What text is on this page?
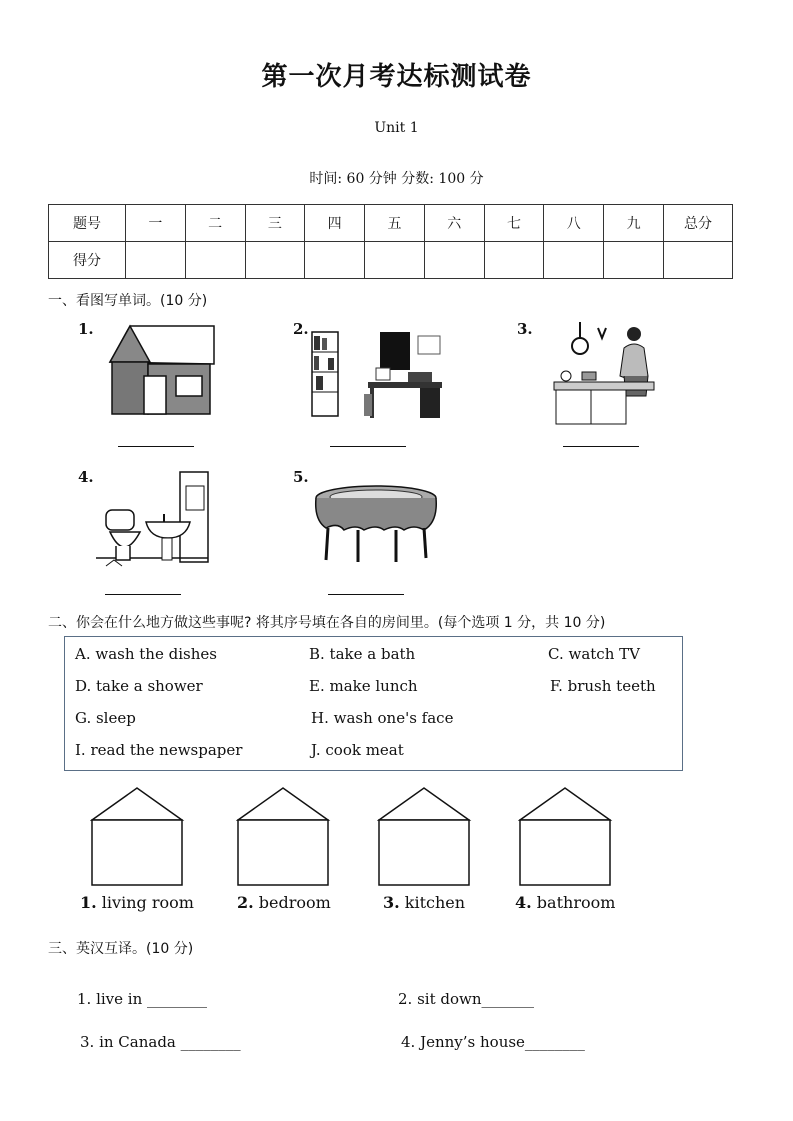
第一次月考达标测试卷
Unit 1
时间: 60 分钟 分数: 100 分
题号	一	二	三	四	五	六	七	八	九	总分
得分										
一、看图写单词。(10 分)
1.	2.	3.
4.	5.
二、你会在什么地方做这些事呢? 将其序号填在各自的房间里。(每个选项 1 分，共 10 分)
A. wash the dishes	B. take a bath	C. watch TV
D. take a shower	E. make lunch	F. brush teeth
G. sleep	H. wash one's face
I. read the newspaper	J. cook meat
1. living room	2. bedroom	3. kitchen	4. bathroom
三、英汉互译。(10 分)
1. live in ________	2. sit down_______
3. in Canada ________	4. Jenny’s house________
